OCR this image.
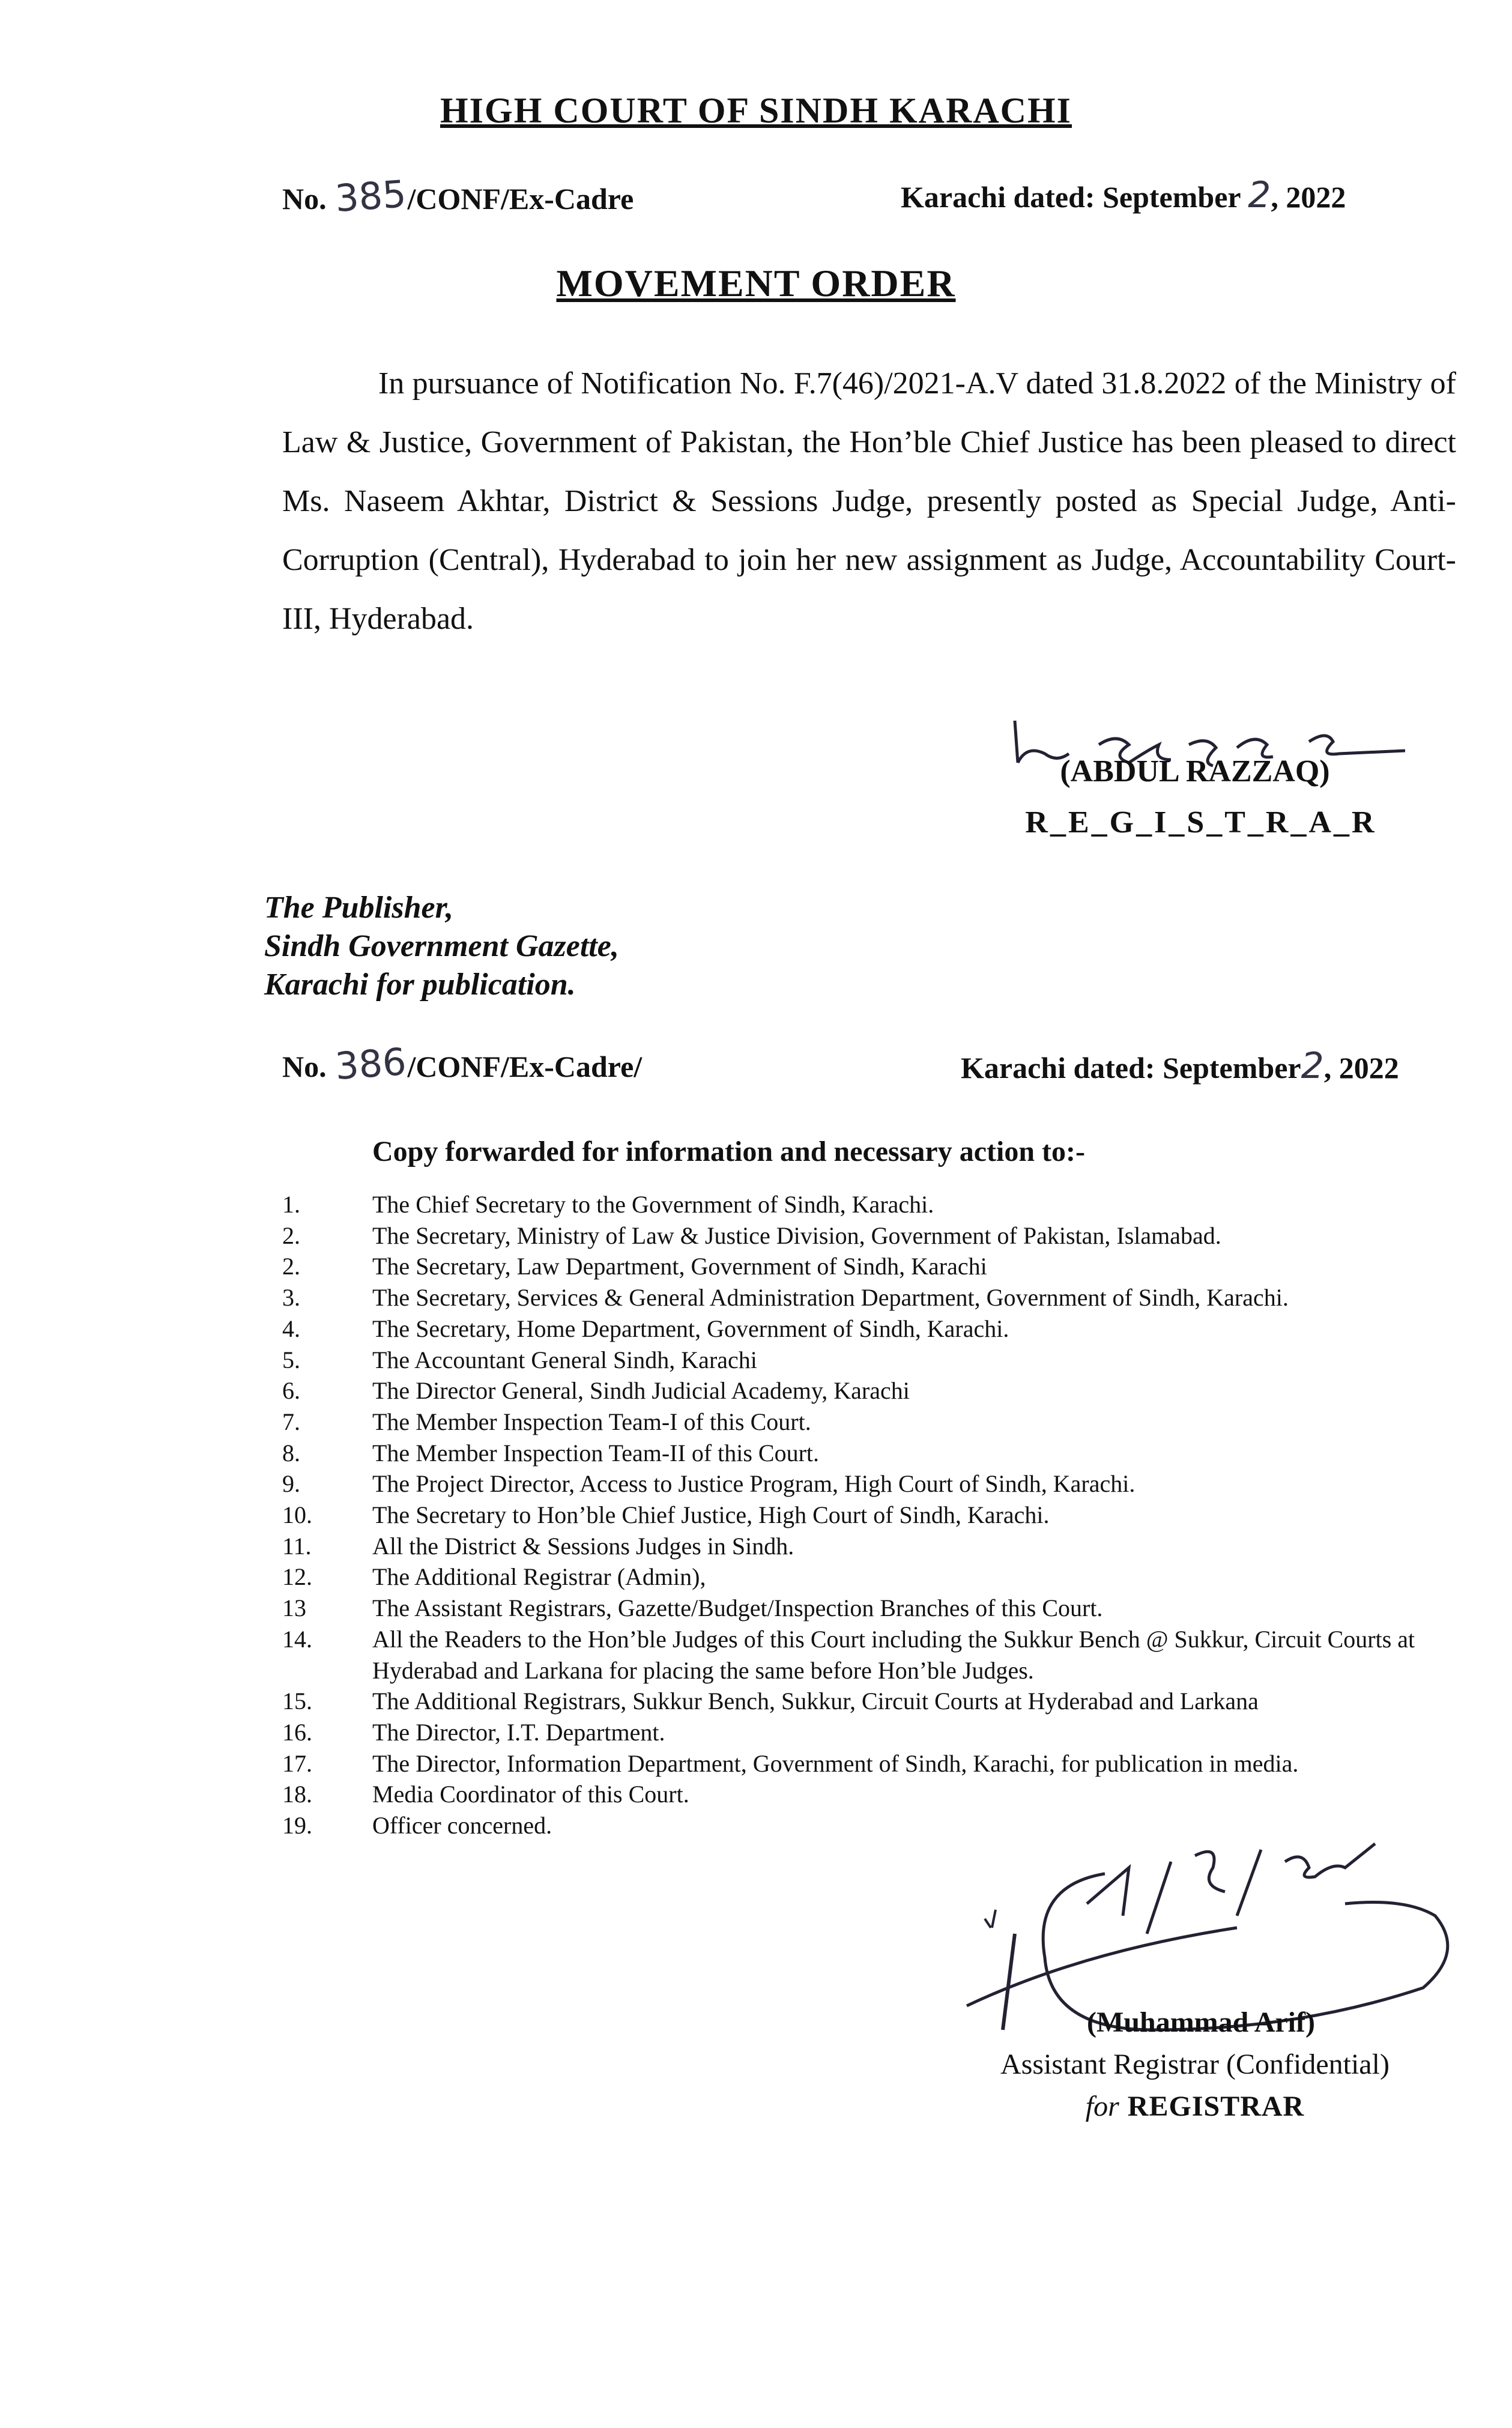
HIGH COURT OF SINDH KARACHI
No. 385/CONF/Ex-Cadre	Karachi dated: September 2, 2022
MOVEMENT ORDER
In pursuance of Notification No. F.7(46)/2021-A.V dated 31.8.2022 of the Ministry of Law & Justice, Government of Pakistan, the Hon’ble Chief Justice has been pleased to direct Ms. Naseem Akhtar, District & Sessions Judge, presently posted as Special Judge, Anti-Corruption (Central), Hyderabad to join her new assignment as Judge, Accountability Court-III, Hyderabad.
(ABDUL RAZZAQ)
R_E_G_I_S_T_R_A_R
The Publisher,
Sindh Government Gazette,
Karachi for publication.
No. 386/CONF/Ex-Cadre/	Karachi dated: September2, 2022
Copy forwarded for information and necessary action to:-
1.	The Chief Secretary to the Government of Sindh, Karachi.
2.	The Secretary, Ministry of Law & Justice Division, Government of Pakistan, Islamabad.
2.	The Secretary, Law Department, Government of Sindh, Karachi
3.	The Secretary, Services & General Administration Department, Government of Sindh, Karachi.
4.	The Secretary, Home Department, Government of Sindh, Karachi.
5.	The Accountant General Sindh, Karachi
6.	The Director General, Sindh Judicial Academy, Karachi
7.	The Member Inspection Team-I of this Court.
8.	The Member Inspection Team-II of this Court.
9.	The Project Director, Access to Justice Program, High Court of Sindh, Karachi.
10.	The Secretary to Hon’ble Chief Justice, High Court of Sindh, Karachi.
11.	All the District & Sessions Judges in Sindh.
12.	The Additional Registrar (Admin),
13	The Assistant Registrars, Gazette/Budget/Inspection Branches of this Court.
14.	All the Readers to the Hon’ble Judges of this Court including the Sukkur Bench @ Sukkur, Circuit Courts at Hyderabad and Larkana for placing the same before Hon’ble Judges.
15.	The Additional Registrars, Sukkur Bench, Sukkur, Circuit Courts at Hyderabad and Larkana
16.	The Director, I.T. Department.
17.	The Director, Information Department, Government of Sindh, Karachi, for publication in media.
18.	Media Coordinator of this Court.
19.	Officer concerned.
(Muhammad Arif)
Assistant Registrar (Confidential)
for REGISTRAR
